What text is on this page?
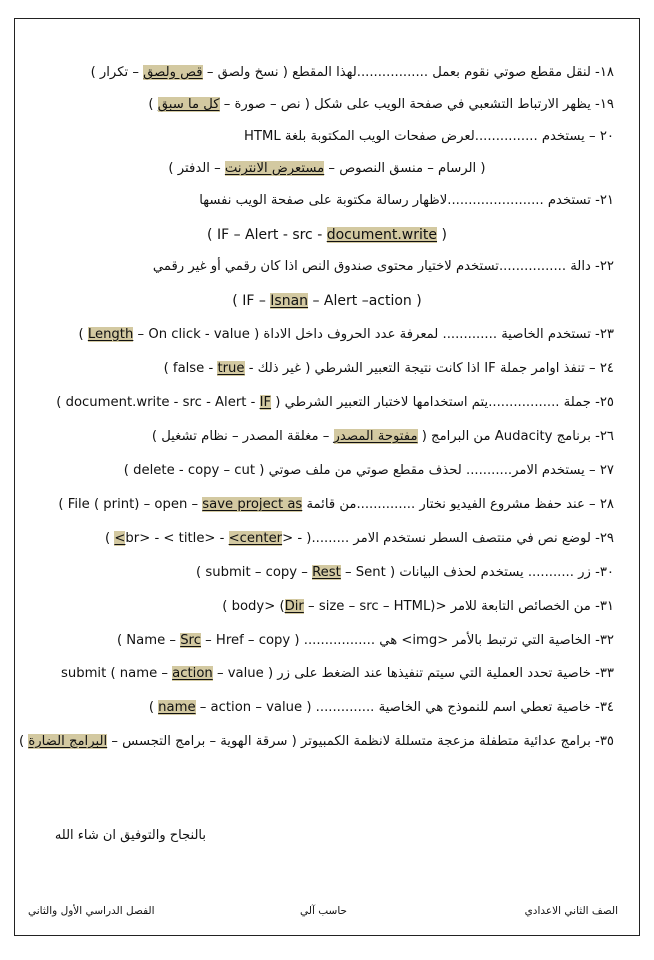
١٨- لنقل مقطع صوتي نقوم بعمل .................لهذا المقطع ( نسخ ولصق – قص ولصق – تكرار )
١٩- يظهر الارتباط التشعبي في صفحة الويب على شكل ( نص – صورة – كل ما سبق )
٢٠ – يستخدم ...............لعرض صفحات الويب المكتوبة بلغة HTML
( الرسام – منسق النصوص – مستعرض الانترنت – الدفتر )
٢١- تستخدم .......................لاظهار رسالة مكتوبة على صفحة الويب نفسها
( IF – Alert - src - document.write )
٢٢- دالة ................تستخدم لاختيار محتوى صندوق النص اذا كان رقمي أو غير رقمي
( IF – Isnan – Alert –action )
٢٣- تستخدم الخاصية ............. لمعرفة عدد الحروف داخل الاداة ( Length – On click - value )
٢٤ – تنفذ اوامر جملة IF اذا كانت نتيجة التعبير الشرطي ( غير ذلك - false - true )
٢٥- جملة .................يتم استخدامها لاختبار التعبير الشرطي ( document.write - src - Alert - IF )
٢٦- برنامج Audacity من البرامج ( مفتوحة المصدر – مغلقة المصدر – نظام تشغيل )
٢٧ – يستخدم الامر........... لحذف مقطع صوتي من ملف صوتي ( delete - copy – cut )
٢٨ – عند حفظ مشروع الفيديو نختار ..............من قائمة File ( print) – open – save project as )
٢٩- لوضع نص في منتصف السطر نستخدم الامر .........( - <br> - < title> - <center> )
٣٠- زر ........... يستخدم لحذف البيانات ( submit – copy – Rest – Sent )
٣١- من الخصائص التابعة للامر <body> (Dir – size – src – HTML) )
٣٢- الخاصية التي ترتبط بالأمر <img> هي ................. ( Name – Src – Href – copy )
٣٣- خاصية تحدد العملية التي سيتم تنفيذها عند الضغط على زر submit ( name – action – value )
٣٤- خاصية تعطي اسم للنموذج هي الخاصية .............. ( name – action – value )
٣٥- برامج عدائية متطفلة مزعجة متسللة لانظمة الكمبيوتر ( سرقة الهوية – برامج التجسس – البرامج الضارة )
بالنجاح والتوفيق ان شاء الله
الصف الثاني الاعدادي
حاسب آلي
الفصل الدراسي الأول والثاني
